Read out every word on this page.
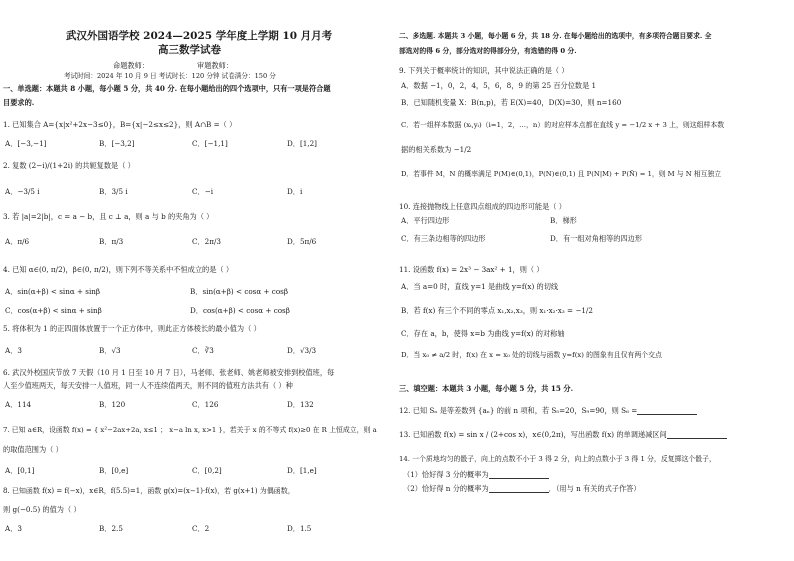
武汉外国语学校 2024—2025 学年度上学期 10 月月考
高三数学试卷
命题教师：	审题教师：
考试时间：2024 年 10 月 9 日 考试时长：120 分钟 试卷满分：150 分
一、单选题：本题共 8 小题，每小题 5 分，共 40 分. 在每小题给出的四个选项中，只有一项是符合题
目要求的.
1. 已知集合 A={x|x²+2x−3≤0}，B={x|−2≤x≤2}，则 A∩B =（ ）
A．[−3,−1]	B．[−3,2]	C．[−1,1]	D．[1,2]
2. 复数 (2−i)/(1+2i) 的共轭复数是（ ）
A．−3/5 i	B．3/5 i	C．−i	D．i
3. 若 |a|=2|b|，c = a − b，且 c ⊥ a，则 a 与 b 的夹角为（ ）
A．π/6	B．π/3	C．2π/3	D．5π/6
4. 已知 α∈(0, π/2)，β∈(0, π/2)，则下列不等关系中不恒成立的是（ ）
A．sin(α+β) < sinα + sinβ	B．sin(α+β) < cosα + cosβ
C．cos(α+β) < sinα + sinβ	D．cos(α+β) < cosα + cosβ
5. 将体积为 1 的正四面体放置于一个正方体中，则此正方体棱长的最小值为（ ）
A．3	B．√3	C．∛3	D．√3/3
6. 武汉外校国庆节放 7 天假（10 月 1 日至 10 月 7 日），马老师、张老师、姚老师被安排到校值班，每
人至少值班两天，每天安排一人值班，同一人不连续值两天，则不同的值班方法共有（ ）种
A．114	B．120	C．126	D．132
7. 已知 a∈R，设函数 f(x) = { x²−2ax+2a, x≤1 ； x−a ln x, x>1 }，若关于 x 的不等式 f(x)≥0 在 R 上恒成立，则 a
的取值范围为（ ）
A．[0,1]	B．[0,e]	C．[0,2]	D．[1,e]
8. 已知函数 f(x) = f(−x)，x∈R，f(5.5)=1，函数 g(x)=(x−1)·f(x)，若 g(x+1) 为偶函数，
则 g(−0.5) 的值为（ ）
A．3	B．2.5	C．2	D．1.5
二、多选题. 本题共 3 小题，每小题 6 分，共 18 分. 在每小题给出的选项中，有多项符合题目要求. 全
部选对的得 6 分，部分选对的得部分分，有选错的得 0 分.
9. 下列关于概率统计的知识，其中说法正确的是（ ）
A．数据 −1，0，2，4，5，6，8，9 的第 25 百分位数是 1
B．已知随机变量 X：B(n,p)，若 E(X)=40，D(X)=30，则 n=160
C．若一组样本数据 (xᵢ,yᵢ)（i=1，2，…，n）的对应样本点都在直线 y = −1/2 x + 3 上，则这组样本数
据的相关系数为 −1/2
D．若事件 M，N 的概率满足 P(M)∈(0,1)，P(N)∈(0,1) 且 P(N|M) + P(N̄) = 1，则 M 与 N 相互独立
10. 连接抛物线上任意四点组成的四边形可能是（ ）
A．平行四边形	B．梯形
C．有三条边相等的四边形	D．有一组对角相等的四边形
11. 设函数 f(x) = 2x³ − 3ax² + 1，则（ ）
A．当 a=0 时，直线 y=1 是曲线 y=f(x) 的切线
B．若 f(x) 有三个不同的零点 x₁,x₂,x₃，则 x₁·x₂·x₃ = −1/2
C．存在 a，b，使得 x=b 为曲线 y=f(x) 的对称轴
D．当 x₀ ≠ a/2 时，f(x) 在 x = x₀ 处的切线与函数 y=f(x) 的图象有且仅有两个交点
三、填空题：本题共 3 小题，每小题 5 分，共 15 分.
12. 已知 Sₙ 是等差数列 {aₙ} 的前 n 项和，若 S₅=20，S₉=90，则 S₆ =
13. 已知函数 f(x) = sin x / (2+cos x)，x∈(0,2π)，写出函数 f(x) 的单调递减区间
14. 一个质地均匀的骰子，向上的点数不小于 3 得 2 分，向上的点数小于 3 得 1 分，反复掷这个骰子，
（1）恰好得 3 分的概率为
（2）恰好得 n 分的概率为	．（用与 n 有关的式子作答）
